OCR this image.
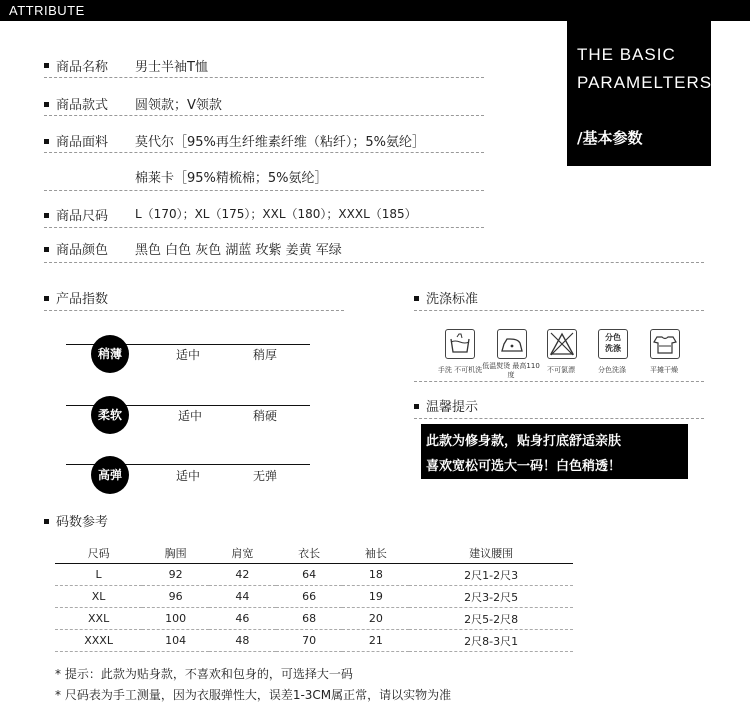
ATTRIBUTE
THE BASIC
PARAMELTERS
/基本参数
商品名称 男士半袖T恤
商品款式 圆领款；V领款
商品面料 莫代尔［95%再生纤维素纤维（粘纤）；5%氨纶］
棉莱卡［95%精梳棉；5%氨纶］
商品尺码 L（170）；XL（175）；XXL（180）；XXXL（185）
商品颜色 黑色 白色 灰色 湖蓝 玫紫 姜黄 军绿
产品指数
稍薄	适中	稍厚
柔软	适中	稍硬
高弹	适中	无弹
洗涤标准
手洗 不可机洗 低温熨烫 最高110度
不可氯漂
分色洗涤
分色洗涤	平摊干燥
温馨提示
此款为修身款，贴身打底舒适亲肤
喜欢宽松可选大一码！白色稍透！
码数参考
尺码	胸围	肩宽	衣长	袖长	建议腰围
L	92	42	64	18	2尺1-2尺3
XL	96	44	66	19	2尺3-2尺5
XXL	100	46	68	20	2尺5-2尺8
XXXL	104	48	70	21	2尺8-3尺1
* 提示：此款为贴身款，不喜欢和包身的，可选择大一码
* 尺码表为手工测量，因为衣服弹性大，误差1-3CM属正常，请以实物为准
